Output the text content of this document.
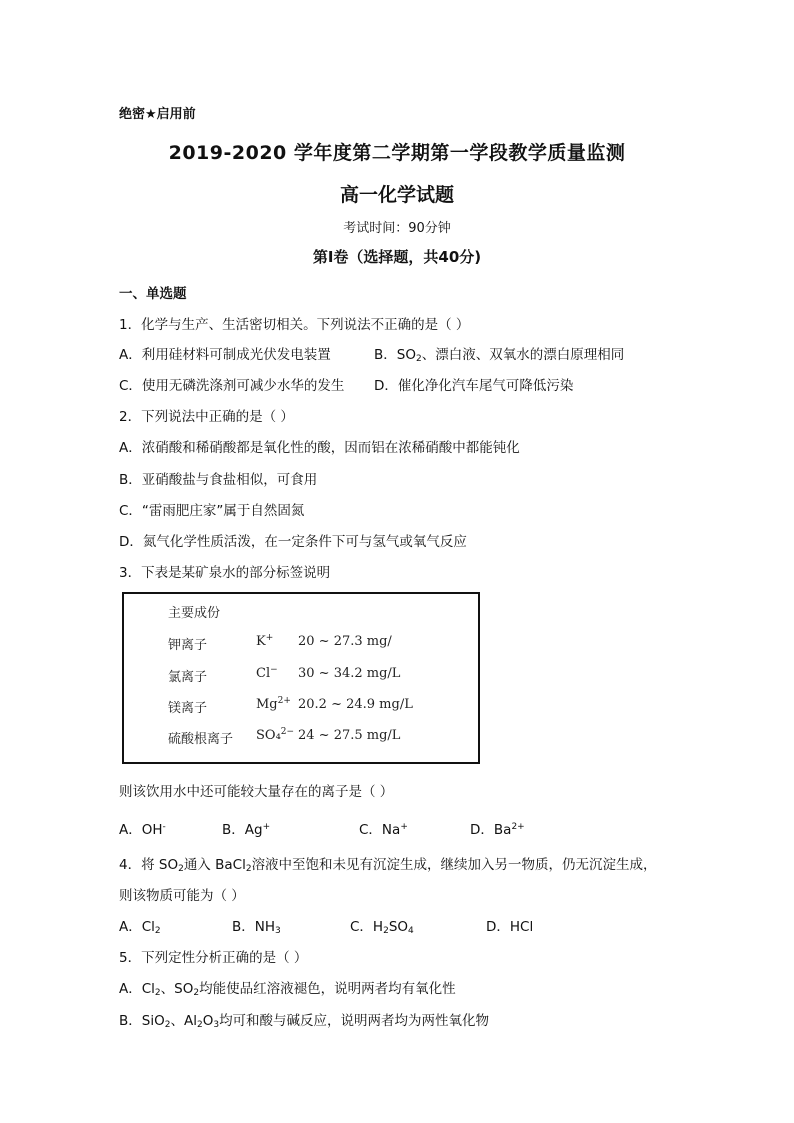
绝密★启用前
2019-2020 学年度第二学期第一学段教学质量监测
高一化学试题
考试时间：90分钟
第Ⅰ卷（选择题，共40分)
一、单选题
1．化学与生产、生活密切相关。下列说法不正确的是（ ）
A．利用硅材料可制成光伏发电装置	B．$SO_2$、漂白液、双氧水的漂白原理相同
C．使用无磷洗涤剂可减少水华的发生 D．催化净化汽车尾气可降低污染
2．下列说法中正确的是（ ）
A．浓硝酸和稀硝酸都是氧化性的酸，因而铝在浓稀硝酸中都能钝化
B．亚硝酸盐与食盐相似，可食用
C．“雷雨肥庄家”属于自然固氮
D．氮气化学性质活泼，在一定条件下可与氢气或氧气反应
3．下表是某矿泉水的部分标签说明
主要成份
钾离子	K+ 20 ~ 27.3 mg/
氯离子	Cl− 30 ~ 34.2 mg/L
镁离子	$Mg^{2+}$ 20.2 ~ 24.9 mg/L
硫酸根离子 SO₄$^{2-}$ 24 ~ 27.5 mg/L
则该饮用水中还可能较大量存在的离子是（ ）
A．OH-	B．Ag+	C．Na+	D．$Ba^{2+}$
4．将 $SO_2$通入 BaCl$_2$溶液中至饱和未见有沉淀生成，继续加入另一物质，仍无沉淀生成，
则该物质可能为（ ）
A．$Cl_2$	B．$NH_3$	C．$H_2SO_4$	D．HCl
5．下列定性分析正确的是（ ）
A．$Cl_2$、$SO_2$均能使品红溶液褪色，说明两者均有氧化性
B．SiO$_2$、$Al_2O_3$均可和酸与碱反应，说明两者均为两性氧化物
